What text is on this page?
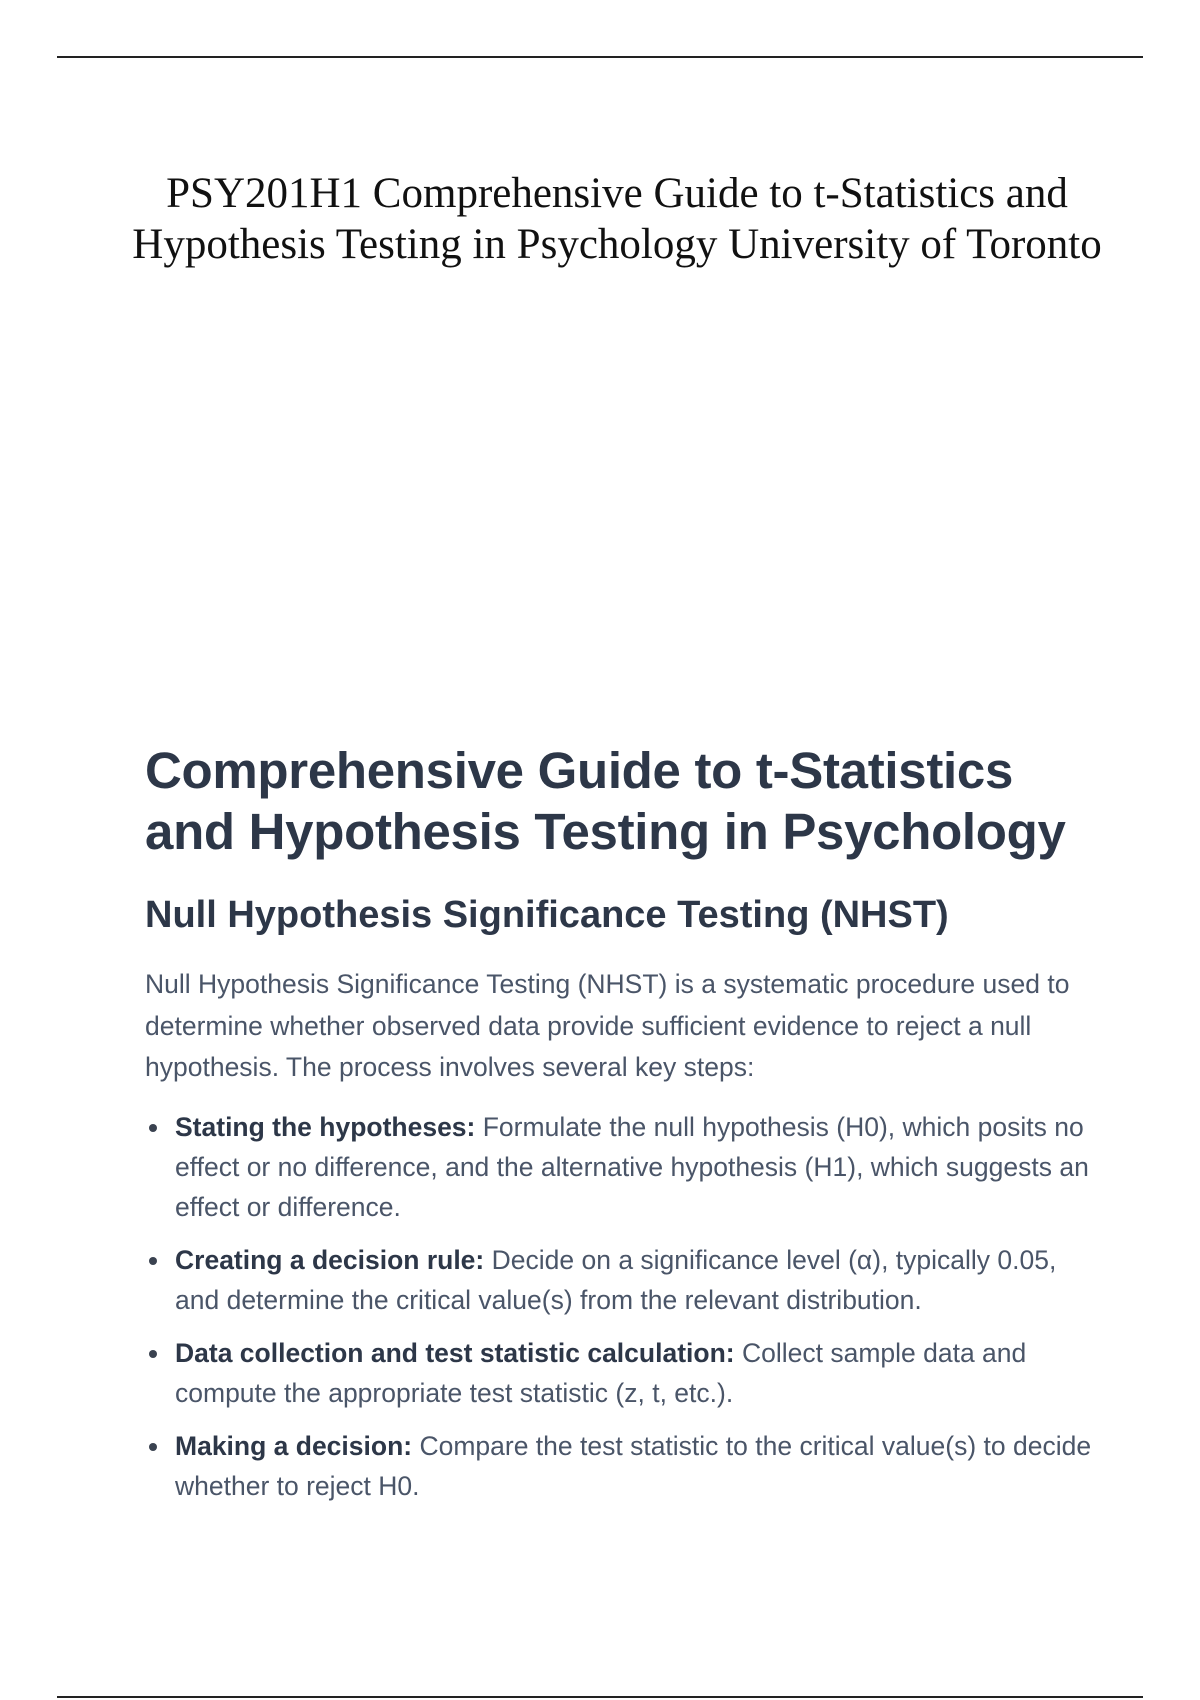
PSY201H1 Comprehensive Guide to t-Statistics and Hypothesis Testing in Psychology University of Toronto
Comprehensive Guide to t-Statistics and Hypothesis Testing in Psychology
Null Hypothesis Significance Testing (NHST)

Null Hypothesis Significance Testing (NHST) is a systematic procedure used to determine whether observed data provide sufficient evidence to reject a null hypothesis. The process involves several key steps:

Stating the hypotheses: Formulate the null hypothesis (H0), which posits no effect or no difference, and the alternative hypothesis (H1), which suggests an effect or difference.
Creating a decision rule: Decide on a significance level (α), typically 0.05, and determine the critical value(s) from the relevant distribution.
Data collection and test statistic calculation: Collect sample data and compute the appropriate test statistic (z, t, etc.).
Making a decision: Compare the test statistic to the critical value(s) to decide whether to reject H0.
